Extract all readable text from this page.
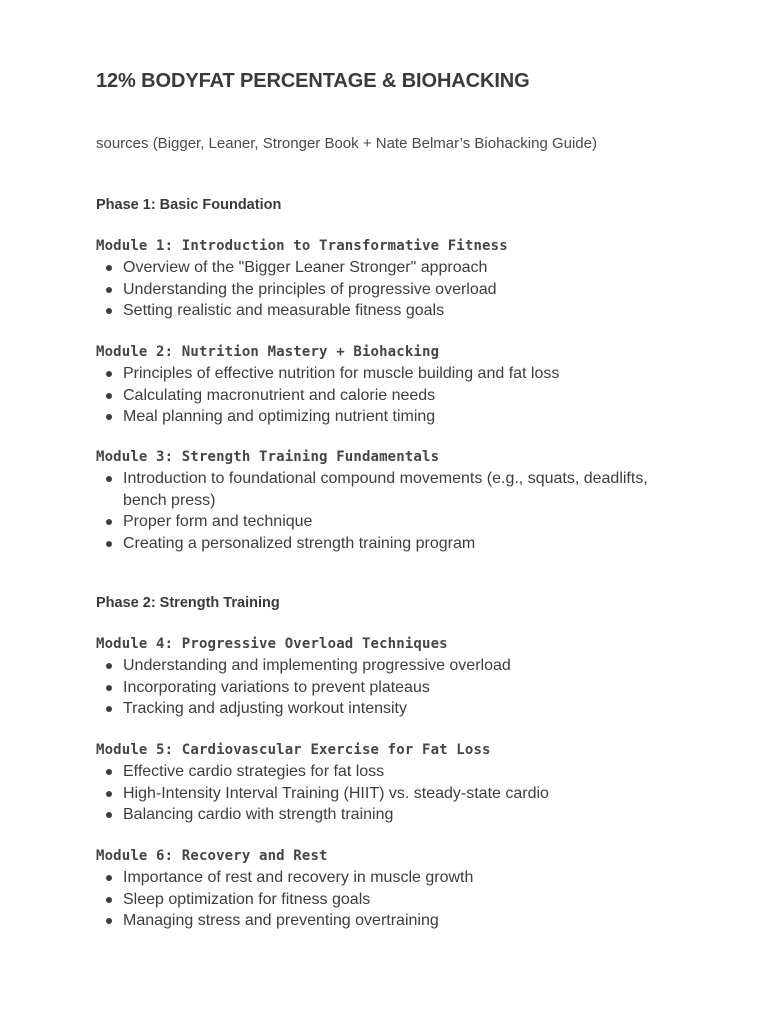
12% BODYFAT PERCENTAGE & BIOHACKING
sources (Bigger, Leaner, Stronger Book + Nate Belmar’s Biohacking Guide)
Phase 1: Basic Foundation
Module 1: Introduction to Transformative Fitness
Overview of the "Bigger Leaner Stronger" approach
Understanding the principles of progressive overload
Setting realistic and measurable fitness goals
Module 2: Nutrition Mastery + Biohacking
Principles of effective nutrition for muscle building and fat loss
Calculating macronutrient and calorie needs
Meal planning and optimizing nutrient timing
Module 3: Strength Training Fundamentals
Introduction to foundational compound movements (e.g., squats, deadlifts, bench press)
Proper form and technique
Creating a personalized strength training program
Phase 2: Strength Training
Module 4: Progressive Overload Techniques
Understanding and implementing progressive overload
Incorporating variations to prevent plateaus
Tracking and adjusting workout intensity
Module 5: Cardiovascular Exercise for Fat Loss
Effective cardio strategies for fat loss
High-Intensity Interval Training (HIIT) vs. steady-state cardio
Balancing cardio with strength training
Module 6: Recovery and Rest
Importance of rest and recovery in muscle growth
Sleep optimization for fitness goals
Managing stress and preventing overtraining
